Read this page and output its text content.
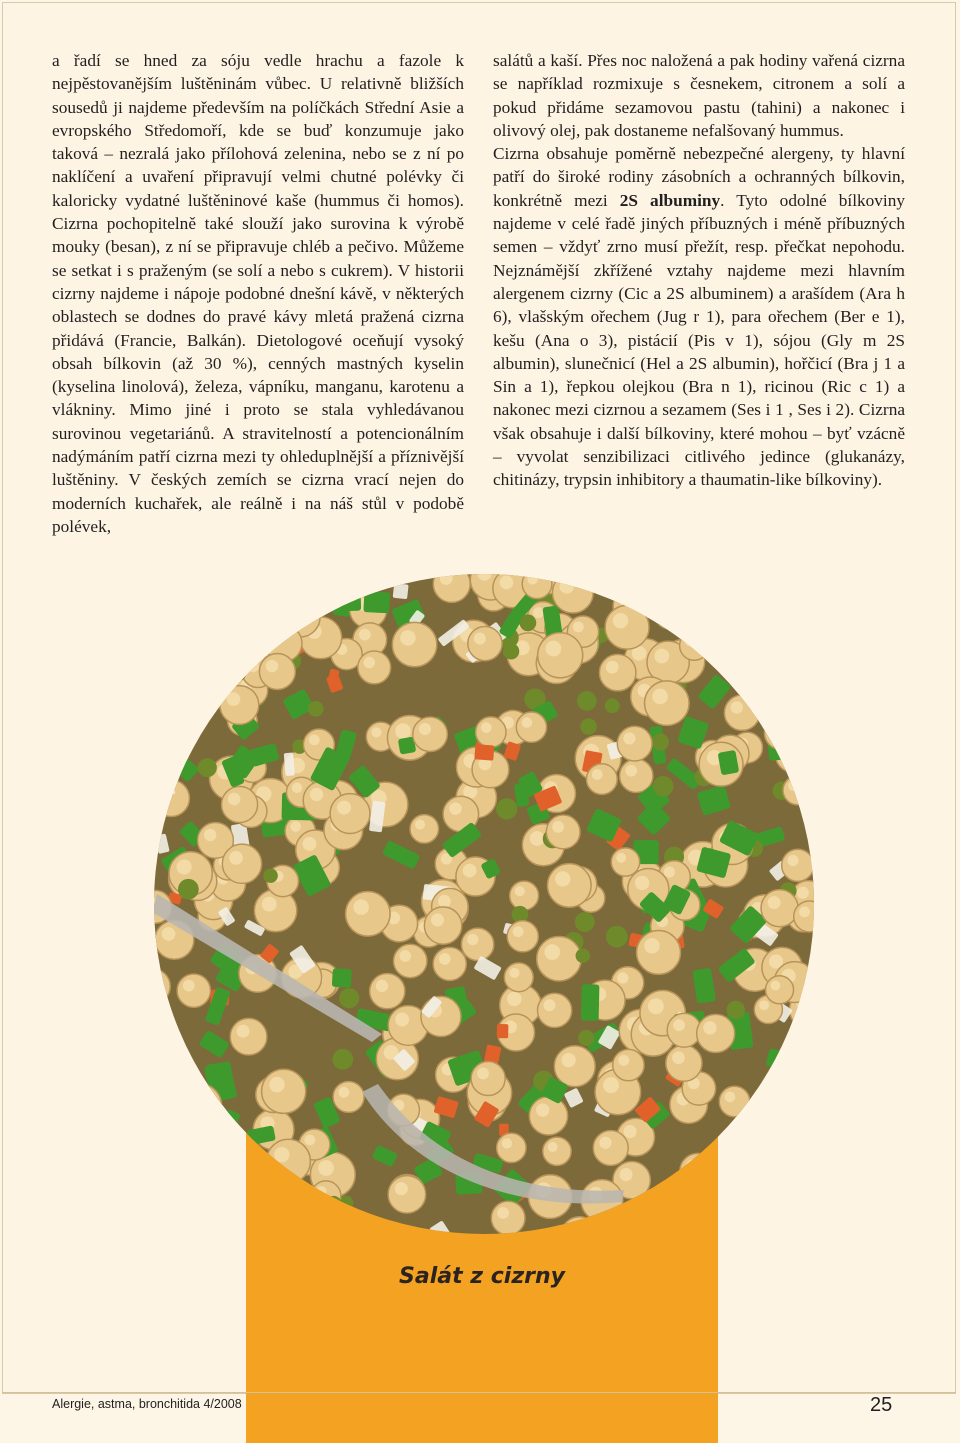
a řadí se hned za sóju vedle hrachu a fazole k nejpěstovanějším luštěninám vůbec. U relativně bližších sousedů ji najdeme především na políčkách Střední Asie a evropského Středomoří, kde se buď konzumuje jako taková – nezralá jako přílohová zelenina, nebo se z ní po naklíčení a uvaření připravují velmi chutné polévky či kaloricky vydatné luštěninové kaše (hummus či homos). Cizrna pochopitelně také slouží jako surovina k výrobě mouky (besan), z ní se připravuje chléb a pečivo. Můžeme se setkat i s praženým (se solí a nebo s cukrem). V historii cizrny najdeme i nápoje podobné dnešní kávě, v některých oblastech se dodnes do pravé kávy mletá pražená cizrna přidává (Francie, Balkán). Dietologové oceňují vysoký obsah bílkovin (až 30 %), cenných mastných kyselin (kyselina linolová), železa, vápníku, manganu, karotenu a vlákniny. Mimo jiné i proto se stala vyhledávanou surovinou vegetariánů. A stravitelností a potencionálním nadýmáním patří cizrna mezi ty ohleduplnější a příznivější luštěniny. V českých zemích se cizrna vrací nejen do moderních kuchařek, ale reálně i na náš stůl v podobě polévek,

salátů a kaší. Přes noc naložená a pak hodiny vařená cizrna se například rozmixuje s česnekem, citronem a solí a pokud přidáme sezamovou pastu (tahini) a nakonec i olivový olej, pak dostaneme nefalšovaný hummus.

Cizrna obsahuje poměrně nebezpečné alergeny, ty hlavní patří do široké rodiny zásobních a ochranných bílkovin, konkrétně mezi 2S albuminy. Tyto odolné bílkoviny najdeme v celé řadě jiných příbuzných i méně příbuzných semen – vždyť zrno musí přežít, resp. přečkat nepohodu. Nejznámější zkřížené vztahy najdeme mezi hlavním alergenem cizrny (Cic a 2S albuminem) a arašídem (Ara h 6), vlašským ořechem (Jug r 1), para ořechem (Ber e 1), kešu (Ana o 3), pistácií (Pis v 1), sójou (Gly m 2S albumin), slunečnicí (Hel a 2S albumin), hořčicí (Bra j 1 a Sin a 1), řepkou olejkou (Bra n 1), ricinou (Ric c 1) a nakonec mezi cizrnou a sezamem (Ses i 1 , Ses i 2). Cizrna však obsahuje i další bílkoviny, které mohou – byť vzácně – vyvolat senzibilizaci citlivého jedince (glukanázy, chitinázy, trypsin inhibitory a thaumatin-like bílkoviny).

Salát z cizrny
Alergie, astma, bronchitida 4/2008	25
